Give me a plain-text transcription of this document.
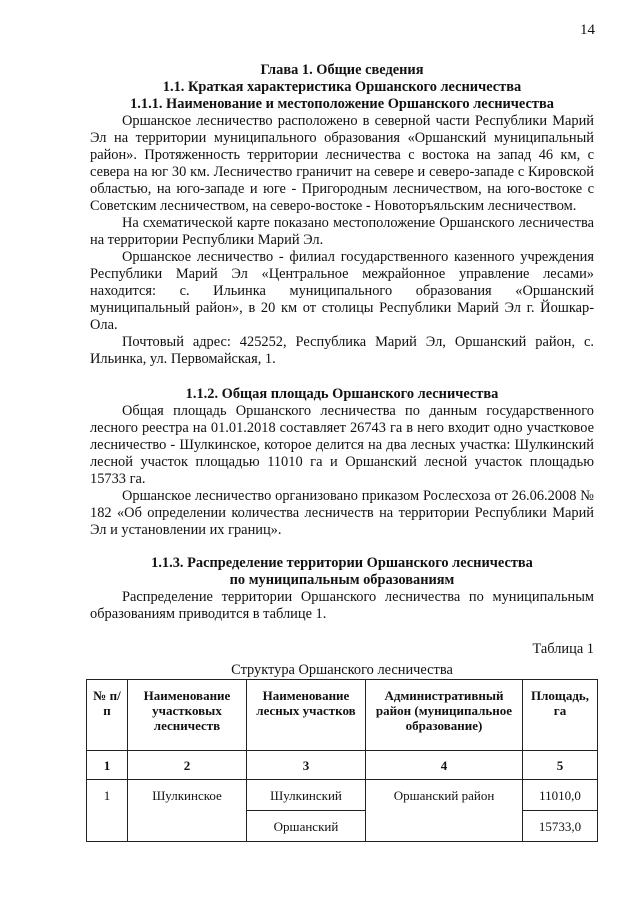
14
Глава 1. Общие сведения
1.1. Краткая характеристика Оршанского лесничества
1.1.1. Наименование и местоположение Оршанского лесничества

Оршанское лесничество расположено в северной части Республики Марий Эл на территории муниципального образования «Оршанский муниципальный район». Протяженность территории лесничества с востока на запад 46 км, с севера на юг 30 км. Лесничество граничит на севере и северо-западе с Кировской областью, на юго-западе и юге - Пригородным лесничеством, на юго-востоке с Советским лесничеством, на северо-востоке - Новоторъяльским лесничеством.

На схематической карте показано местоположение Оршанского лесничества на территории Республики Марий Эл.

Оршанское лесничество - филиал государственного казенного учреждения Республики Марий Эл «Центральное межрайонное управление лесами» находится: с. Ильинка муниципального образования «Оршанский муниципальный район», в 20 км от столицы Республики Марий Эл г. Йошкар-Ола.

Почтовый адрес: 425252, Республика Марий Эл, Оршанский район, с. Ильинка, ул. Первомайская, 1.

1.1.2. Общая площадь Оршанского лесничества

Общая площадь Оршанского лесничества по данным государственного лесного реестра на 01.01.2018 составляет 26743 га в него входит одно участковое лесничество - Шулкинское, которое делится на два лесных участка: Шулкинский лесной участок площадью 11010 га и Оршанский лесной участок площадью 15733 га.

Оршанское лесничество организовано приказом Рослесхоза от 26.06.2008 № 182 «Об определении количества лесничеств на территории Республики Марий Эл и установлении их границ».

1.1.3. Распределение территории Оршанского лесничества
по муниципальным образованиям

Распределение территории Оршанского лесничества по муниципальным образованиям приводится в таблице 1.

Таблица 1
Структура Оршанского лесничества
№ п/п	Наименование участковых лесничеств	Наименование лесных участков	Административный район (муниципальное образование)	Площадь, га
1	2	3	4	5
1	Шулкинское	Шулкинский	Оршанский район	11010,0
		Оршанский		15733,0
